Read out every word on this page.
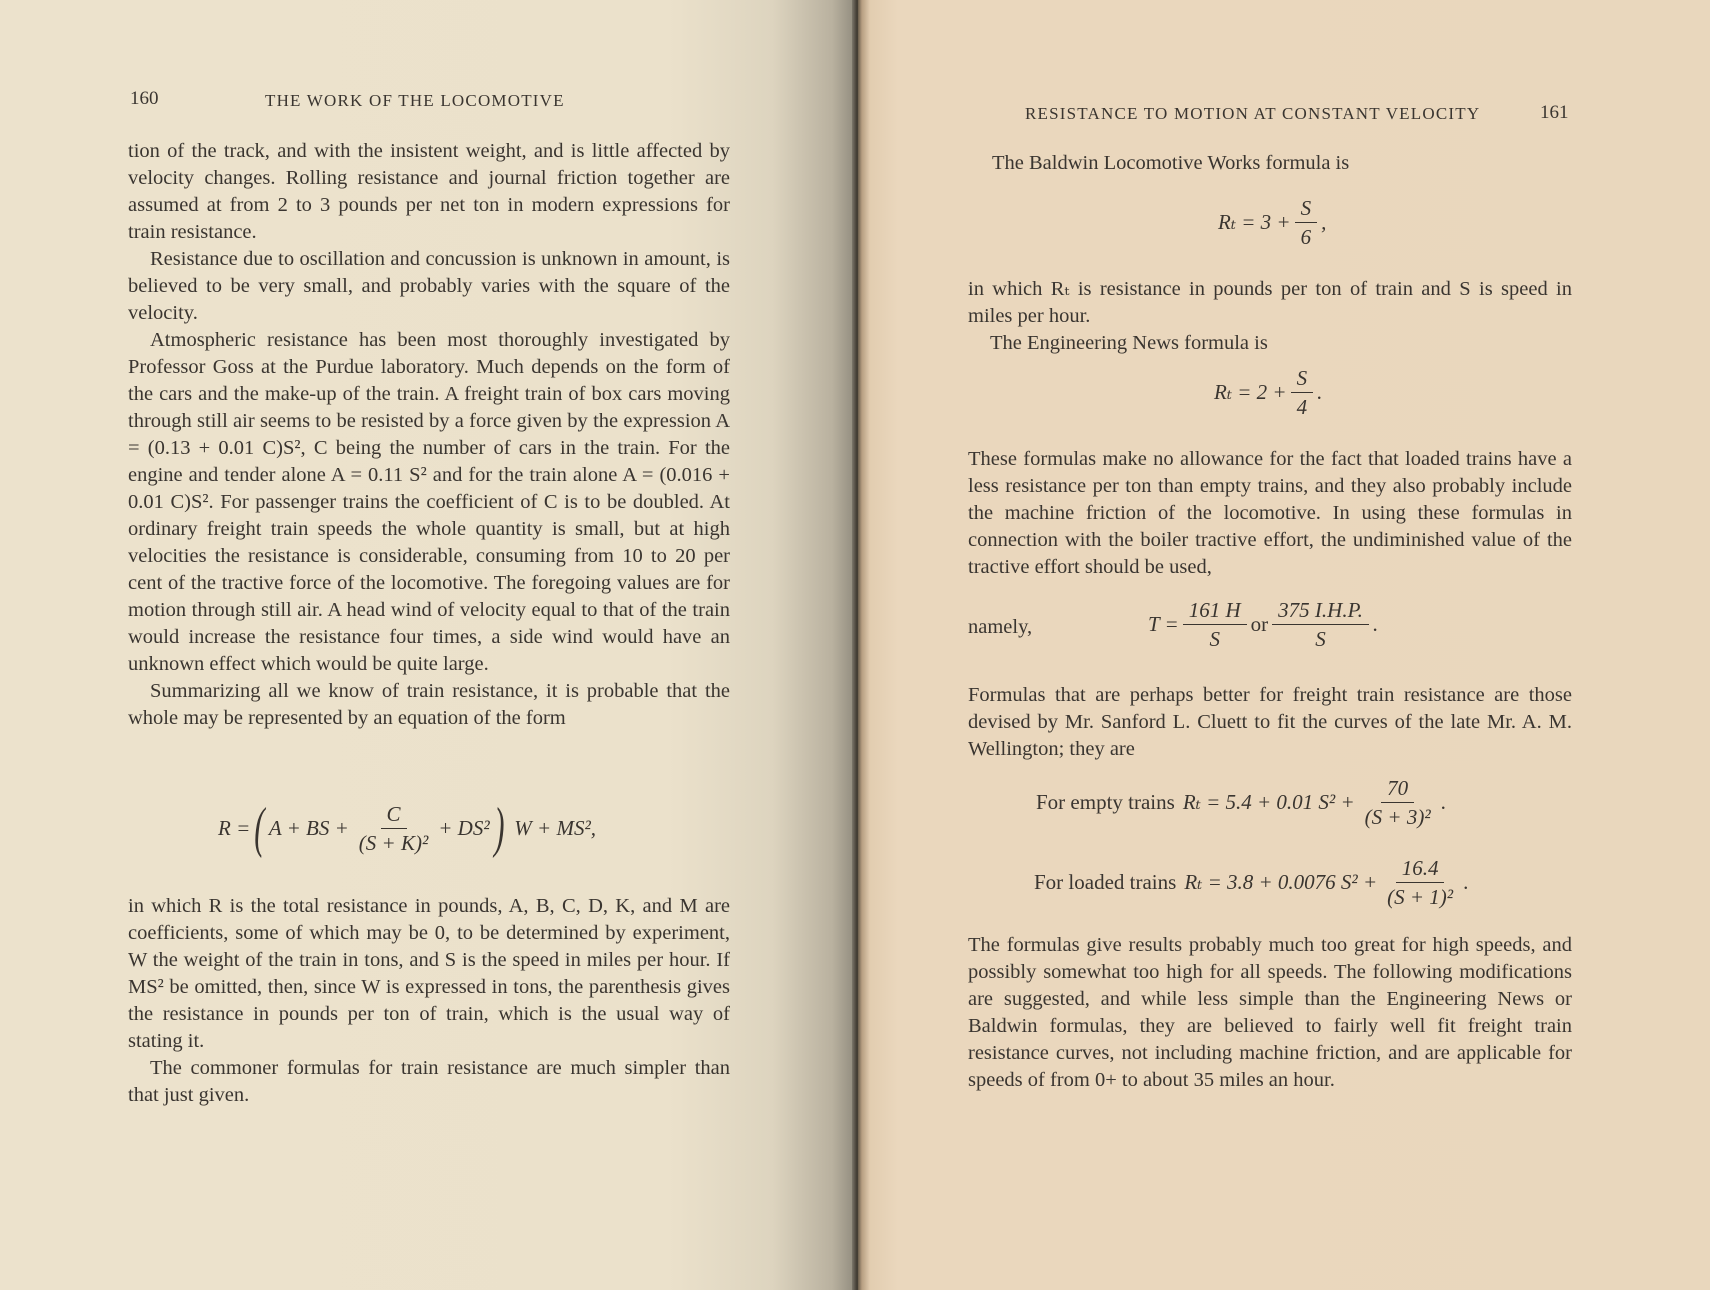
160	THE WORK OF THE LOCOMOTIVE

tion of the track, and with the insistent weight, and is little affected by velocity changes. Rolling resistance and journal friction together are assumed at from 2 to 3 pounds per net ton in modern expressions for train resistance.

Resistance due to oscillation and concussion is unknown in amount, is believed to be very small, and probably varies with the square of the velocity.

Atmospheric resistance has been most thoroughly investigated by Professor Goss at the Purdue laboratory. Much depends on the form of the cars and the make-up of the train. A freight train of box cars moving through still air seems to be resisted by a force given by the expression A = (0.13 + 0.01 C)S², C being the number of cars in the train. For the engine and tender alone A = 0.11 S² and for the train alone A = (0.016 + 0.01 C)S². For passenger trains the coefficient of C is to be doubled. At ordinary freight train speeds the whole quantity is small, but at high velocities the resistance is considerable, consuming from 10 to 20 per cent of the tractive force of the locomotive. The foregoing values are for motion through still air. A head wind of velocity equal to that of the train would increase the resistance four times, a side wind would have an unknown effect which would be quite large.

Summarizing all we know of train resistance, it is probable that the whole may be represented by an equation of the form

R = ( A + BS + $\frac{C}{\text{(S + K)²}} + DS^2$ ) W + MS²,

in which R is the total resistance in pounds, A, B, C, D, K, and M are coefficients, some of which may be 0, to be determined by experiment, W the weight of the train in tons, and S is the speed in miles per hour. If MS² be omitted, then, since W is expressed in tons, the parenthesis gives the resistance in pounds per ton of train, which is the usual way of stating it.

The commoner formulas for train resistance are much simpler than that just given.

RESISTANCE TO MOTION AT CONSTANT VELOCITY	161
The Baldwin Locomotive Works formula is
$R_t = 3 + \frac{S}{6}$ ,

in which Rₜ is resistance in pounds per ton of train and S is speed in miles per hour.

The Engineering News formula is

$R_t = 2 + \frac{S}{4}$ .
These formulas make no allowance for the fact that loaded trains have a less resistance per ton than empty trains, and they also probably include the machine friction of the locomotive. In using these formulas in connection with the boiler tractive effort, the undiminished value of the tractive effort should be used,
namely,	$T = \frac{161 H}{S}$ or $\frac{375 I.H.P.}{S}$ .
Formulas that are perhaps better for freight train resistance are those devised by Mr. Sanford L. Cluett to fit the curves of the late Mr. A. M. Wellington; they are
For empty trains Rₜ = 5.4 + 0.01 $S^2 + \frac{70}{\text{(S + 3)²}}$ .
For loaded trains Rₜ = 3.8 + 0.0076 $S^2 + \frac{16.4}{\text{(S + 1)²}}$ .
The formulas give results probably much too great for high speeds, and possibly somewhat too high for all speeds. The following modifications are suggested, and while less simple than the Engineering News or Baldwin formulas, they are believed to fairly well fit freight train resistance curves, not including machine friction, and are applicable for speeds of from 0+ to about 35 miles an hour.
